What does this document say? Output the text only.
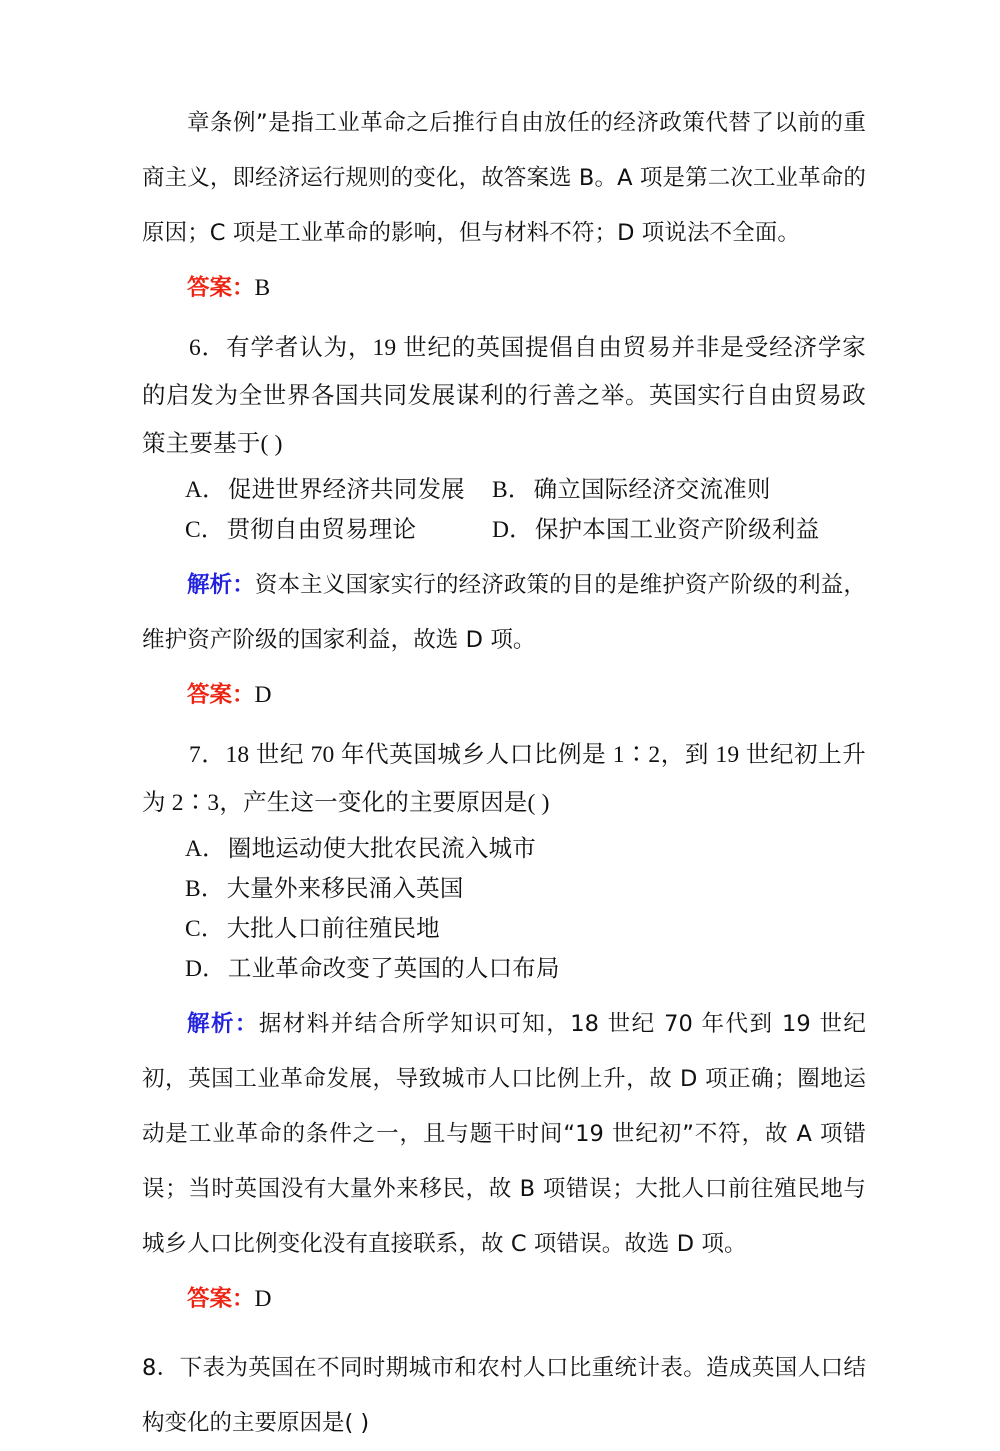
章条例”是指工业革命之后推行自由放任的经济政策代替了以前的重商主义，即经济运行规则的变化，故答案选 B。A 项是第二次工业革命的原因；C 项是工业革命的影响，但与材料不符；D 项说法不全面。
答案：B
6．有学者认为，19 世纪的英国提倡自由贸易并非是受经济学家的启发为全世界各国共同发展谋利的行善之举。英国实行自由贸易政策主要基于( )
A．促进世界经济共同发展	B．确立国际经济交流准则
C．贯彻自由贸易理论	D．保护本国工业资产阶级利益
解析：资本主义国家实行的经济政策的目的是维护资产阶级的利益，维护资产阶级的国家利益，故选 D 项。
答案：D
7．18 世纪 70 年代英国城乡人口比例是 1∶2，到 19 世纪初上升为 2∶3，产生这一变化的主要原因是( )
A．圈地运动使大批农民流入城市
B．大量外来移民涌入英国
C．大批人口前往殖民地
D．工业革命改变了英国的人口布局
解析：据材料并结合所学知识可知，18 世纪 70 年代到 19 世纪初，英国工业革命发展，导致城市人口比例上升，故 D 项正确；圈地运动是工业革命的条件之一，且与题干时间“19 世纪初”不符，故 A 项错误；当时英国没有大量外来移民，故 B 项错误；大批人口前往殖民地与城乡人口比例变化没有直接联系，故 C 项错误。故选 D 项。
答案：D
8．下表为英国在不同时期城市和农村人口比重统计表。造成英国人口结构变化的主要原因是( )
